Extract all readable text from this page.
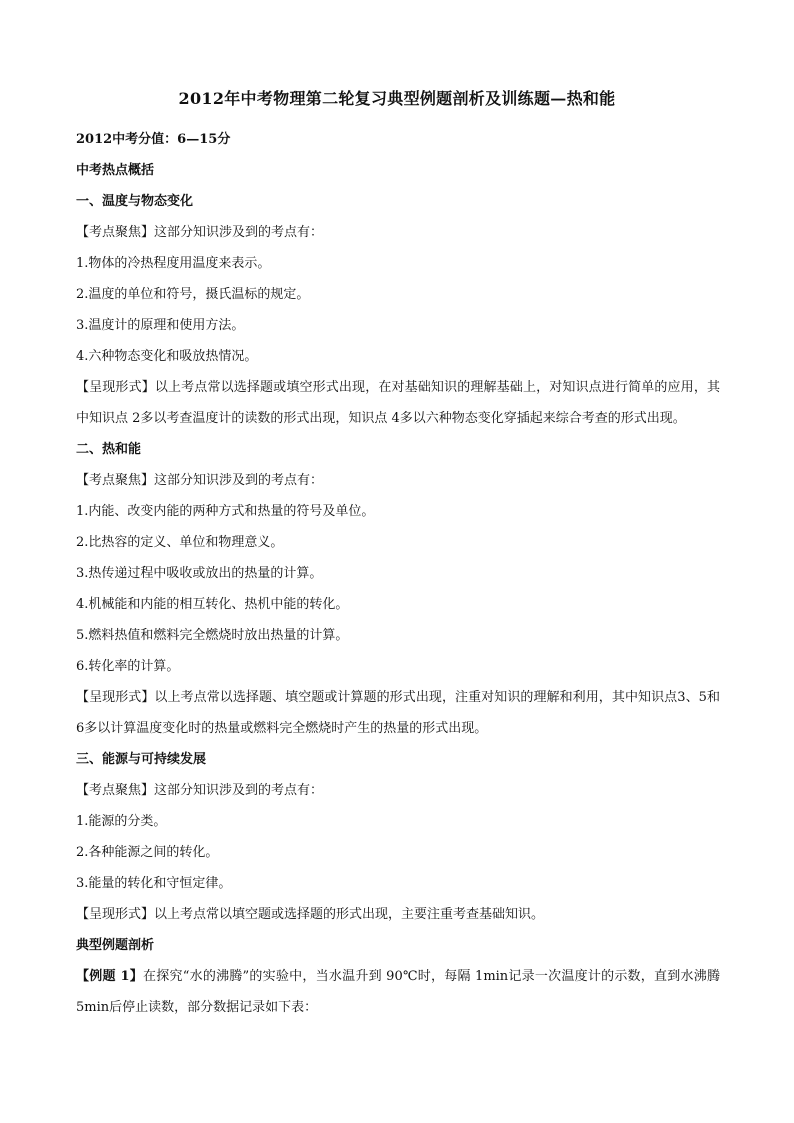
2012年中考物理第二轮复习典型例题剖析及训练题—热和能
2012中考分值：6—15分
中考热点概括
一、温度与物态变化
【考点聚焦】这部分知识涉及到的考点有：
1.物体的冷热程度用温度来表示。
2.温度的单位和符号，摄氏温标的规定。
3.温度计的原理和使用方法。
4.六种物态变化和吸放热情况。
【呈现形式】以上考点常以选择题或填空形式出现，在对基础知识的理解基础上，对知识点进行简单的应用，其中知识点 2多以考查温度计的读数的形式出现，知识点 4多以六种物态变化穿插起来综合考查的形式出现。
二、热和能
【考点聚焦】这部分知识涉及到的考点有：
1.内能、改变内能的两种方式和热量的符号及单位。
2.比热容的定义、单位和物理意义。
3.热传递过程中吸收或放出的热量的计算。
4.机械能和内能的相互转化、热机中能的转化。
5.燃料热值和燃料完全燃烧时放出热量的计算。
6.转化率的计算。
【呈现形式】以上考点常以选择题、填空题或计算题的形式出现，注重对知识的理解和利用，其中知识点3、5和 6多以计算温度变化时的热量或燃料完全燃烧时产生的热量的形式出现。
三、能源与可持续发展
【考点聚焦】这部分知识涉及到的考点有：
1.能源的分类。
2.各种能源之间的转化。
3.能量的转化和守恒定律。
【呈现形式】以上考点常以填空题或选择题的形式出现，主要注重考查基础知识。
典型例题剖析
【例题 1】在探究“水的沸腾”的实验中，当水温升到 90℃时，每隔 1min记录一次温度计的示数，直到水沸腾 5min后停止读数，部分数据记录如下表：
